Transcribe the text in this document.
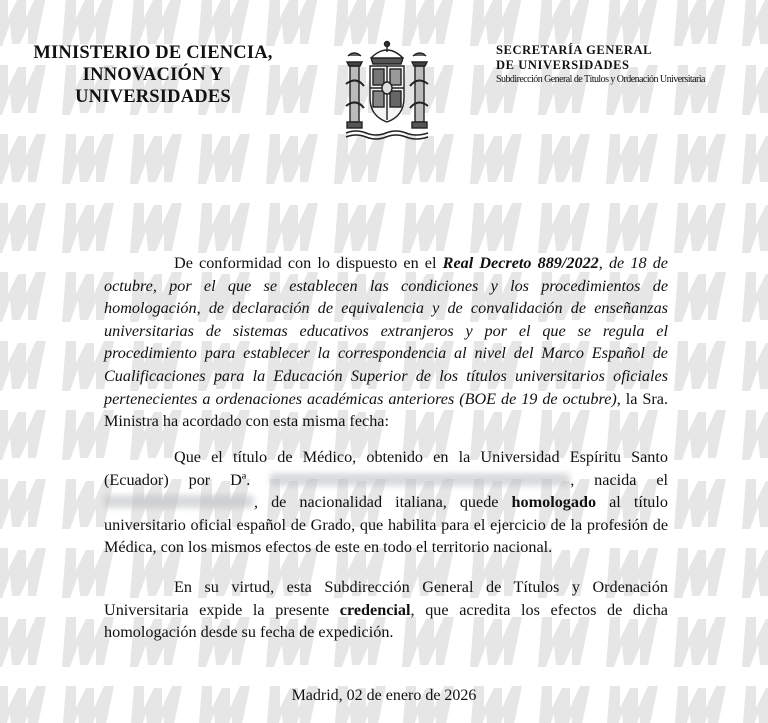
MINISTERIO DE CIENCIA,
INNOVACIÓN Y
UNIVERSIDADES
SECRETARÍA GENERAL
DE UNIVERSIDADES
Subdirección General de Títulos y Ordenación Universitaria
De conformidad con lo dispuesto en el Real Decreto 889/2022, de 18 de octubre, por el que se establecen las condiciones y los procedimientos de homologación, de declaración de equivalencia y de convalidación de enseñanzas universitarias de sistemas educativos extranjeros y por el que se regula el procedimiento para establecer la correspondencia al nivel del Marco Español de Cualificaciones para la Educación Superior de los títulos universitarios oficiales pertenecientes a ordenaciones académicas anteriores (BOE de 19 de octubre), la Sra. Ministra ha acordado con esta misma fecha:
Que el título de Médico, obtenido en la Universidad Espíritu Santo (Ecuador) por Dª.	, nacida el , de nacionalidad italiana, quede homologado al título universitario oficial español de Grado, que habilita para el ejercicio de la profesión de Médica, con los mismos efectos de este en todo el territorio nacional.
En su virtud, esta Subdirección General de Títulos y Ordenación Universitaria expide la presente credencial, que acredita los efectos de dicha homologación desde su fecha de expedición.
Madrid, 02 de enero de 2026
